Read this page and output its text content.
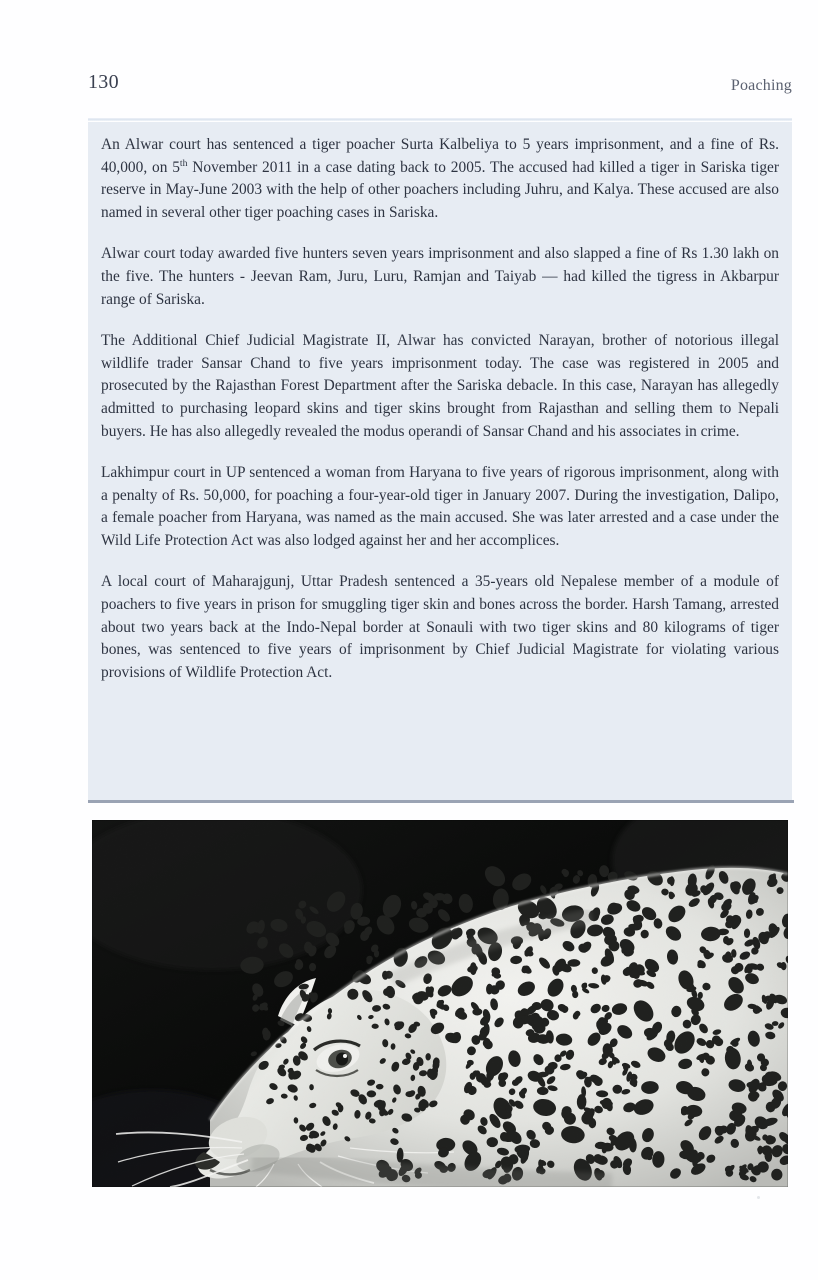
130	Poaching

An Alwar court has sentenced a tiger poacher Surta Kalbeliya to 5 years imprisonment, and a fine of Rs. 40,000, on 5th November 2011 in a case dating back to 2005. The accused had killed a tiger in Sariska tiger reserve in May-June 2003 with the help of other poachers including Juhru, and Kalya. These accused are also named in several other tiger poaching cases in Sariska.

Alwar court today awarded five hunters seven years imprisonment and also slapped a fine of Rs 1.30 lakh on the five. The hunters - Jeevan Ram, Juru, Luru, Ramjan and Taiyab — had killed the tigress in Akbarpur range of Sariska.

The Additional Chief Judicial Magistrate II, Alwar has convicted Narayan, brother of notorious illegal wildlife trader Sansar Chand to five years imprisonment today. The case was registered in 2005 and prosecuted by the Rajasthan Forest Department after the Sariska debacle. In this case, Narayan has allegedly admitted to purchasing leopard skins and tiger skins brought from Rajasthan and selling them to Nepali buyers. He has also allegedly revealed the modus operandi of Sansar Chand and his associates in crime.

Lakhimpur court in UP sentenced a woman from Haryana to five years of rigorous imprisonment, along with a penalty of Rs. 50,000, for poaching a four-year-old tiger in January 2007. During the investigation, Dalipo, a female poacher from Haryana, was named as the main accused. She was later arrested and a case under the Wild Life Protection Act was also lodged against her and her accomplices.

A local court of Maharajgunj, Uttar Pradesh sentenced a 35-years old Nepalese member of a module of poachers to five years in prison for smuggling tiger skin and bones across the border. Harsh Tamang, arrested about two years back at the Indo-Nepal border at Sonauli with two tiger skins and 80 kilograms of tiger bones, was sentenced to five years of imprisonment by Chief Judicial Magistrate for violating various provisions of Wildlife Protection Act.
